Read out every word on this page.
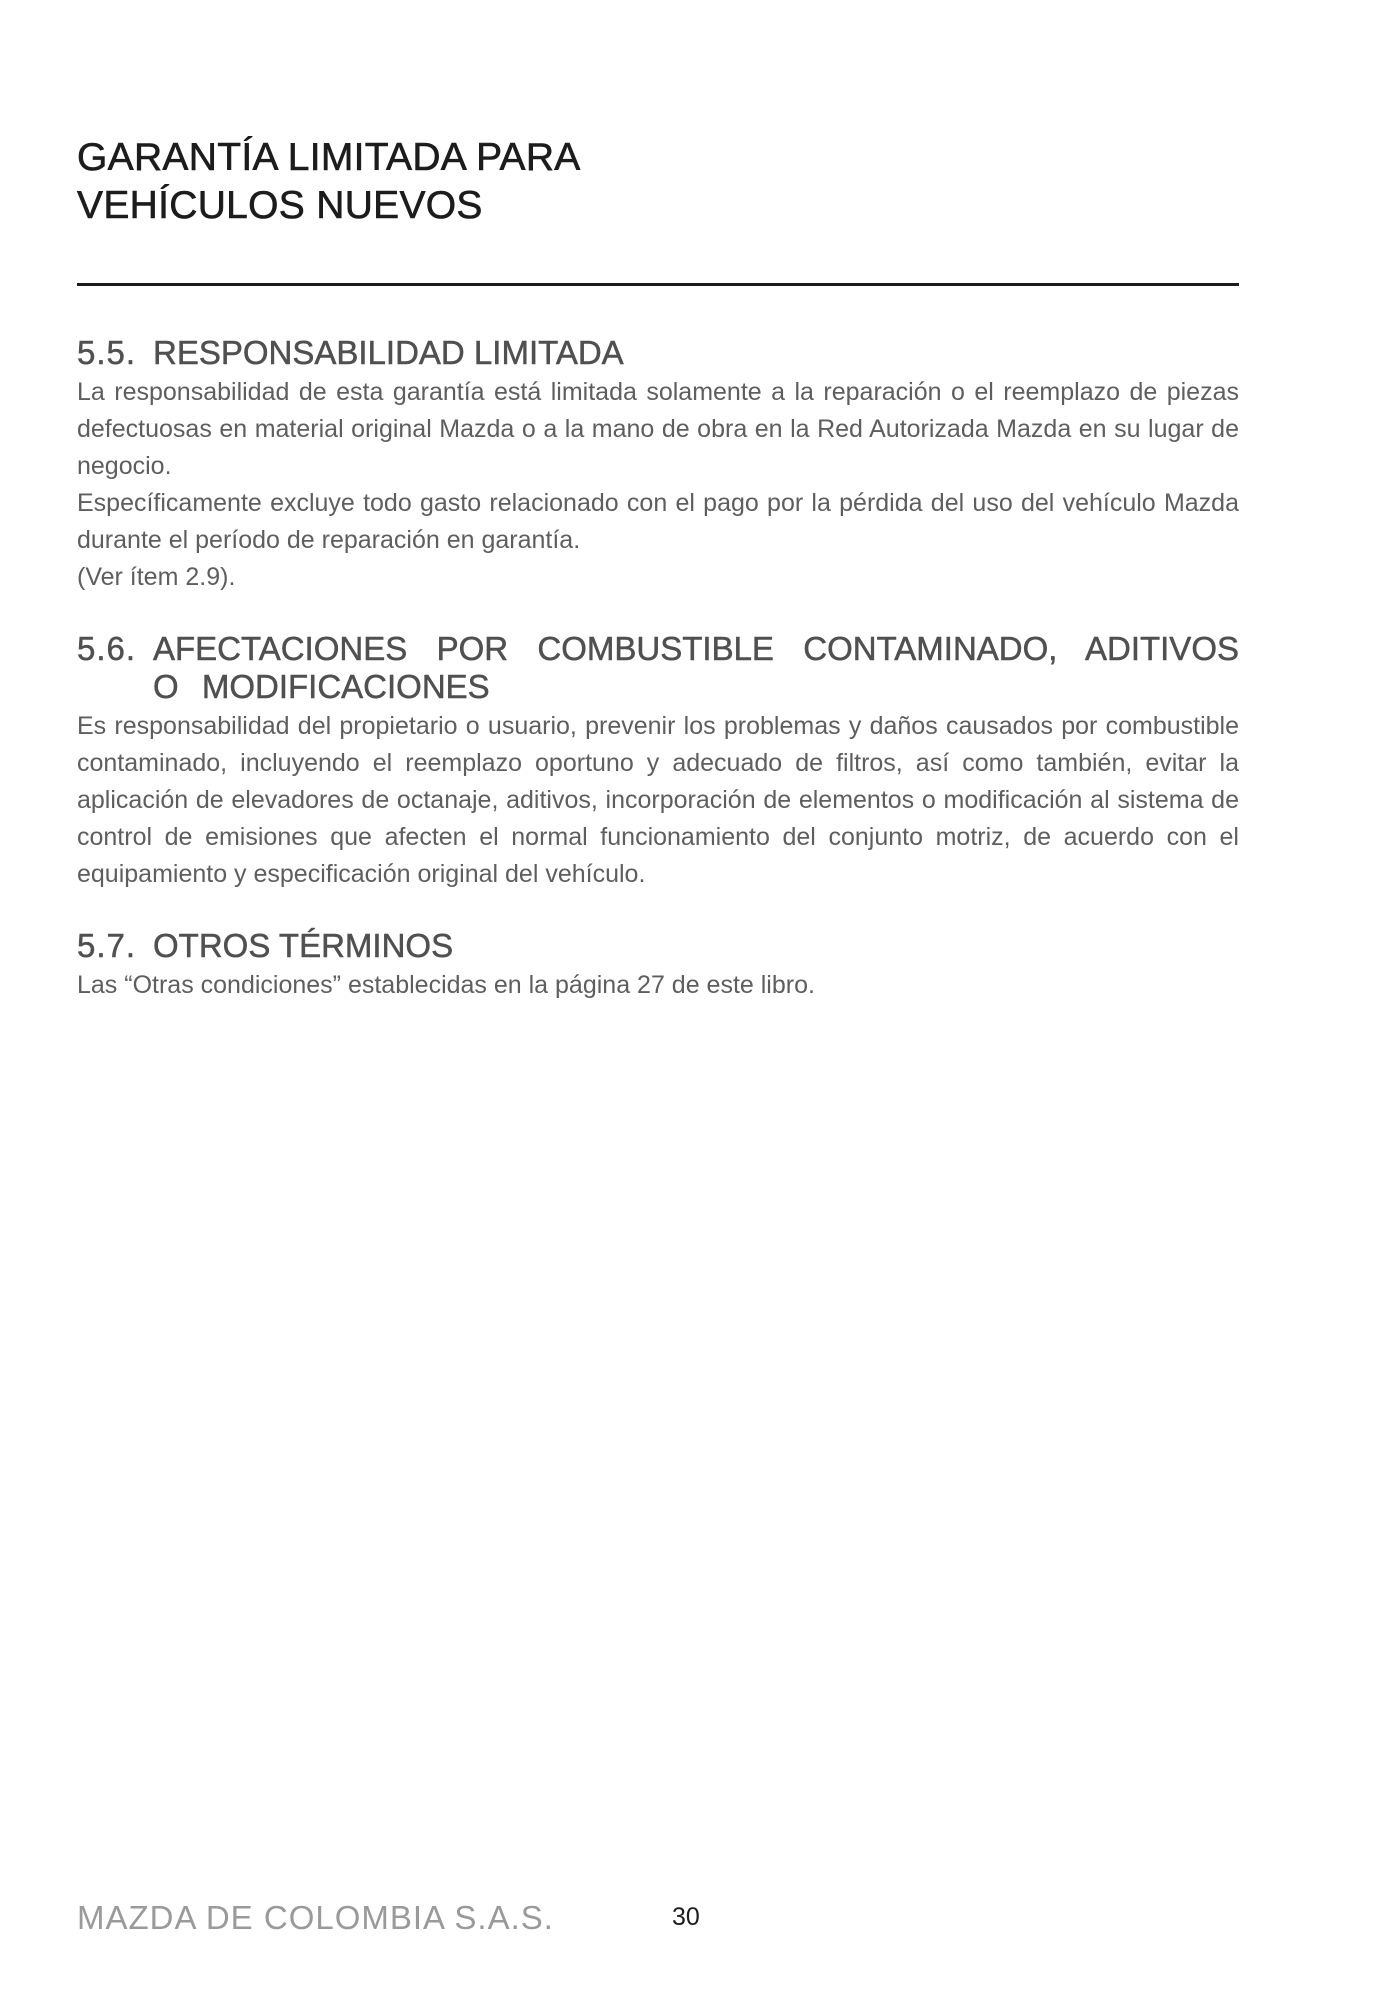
GARANTÍA LIMITADA PARA
VEHÍCULOS NUEVOS
5.5. RESPONSABILIDAD LIMITADA

La responsabilidad de esta garantía está limitada solamente a la reparación o el reemplazo de piezas defectuosas en material original Mazda o a la mano de obra en la Red Autorizada Mazda en su lugar de negocio.

Específicamente excluye todo gasto relacionado con el pago por la pérdida del uso del vehículo Mazda durante el período de reparación en garantía.

(Ver ítem 2.9).

5.6. AFECTACIONES POR COMBUSTIBLE CONTAMINADO, ADITIVOS O MODIFICACIONES

Es responsabilidad del propietario o usuario, prevenir los problemas y daños causados por combustible contaminado, incluyendo el reemplazo oportuno y adecuado de filtros, así como también, evitar la aplicación de elevadores de octanaje, aditivos, incorporación de elementos o modificación al sistema de control de emisiones que afecten el normal funcionamiento del conjunto motriz, de acuerdo con el equipamiento y especificación original del vehículo.

5.7. OTROS TÉRMINOS

Las “Otras condiciones” establecidas en la página 27 de este libro.

MAZDA DE COLOMBIA S.A.S.	30
